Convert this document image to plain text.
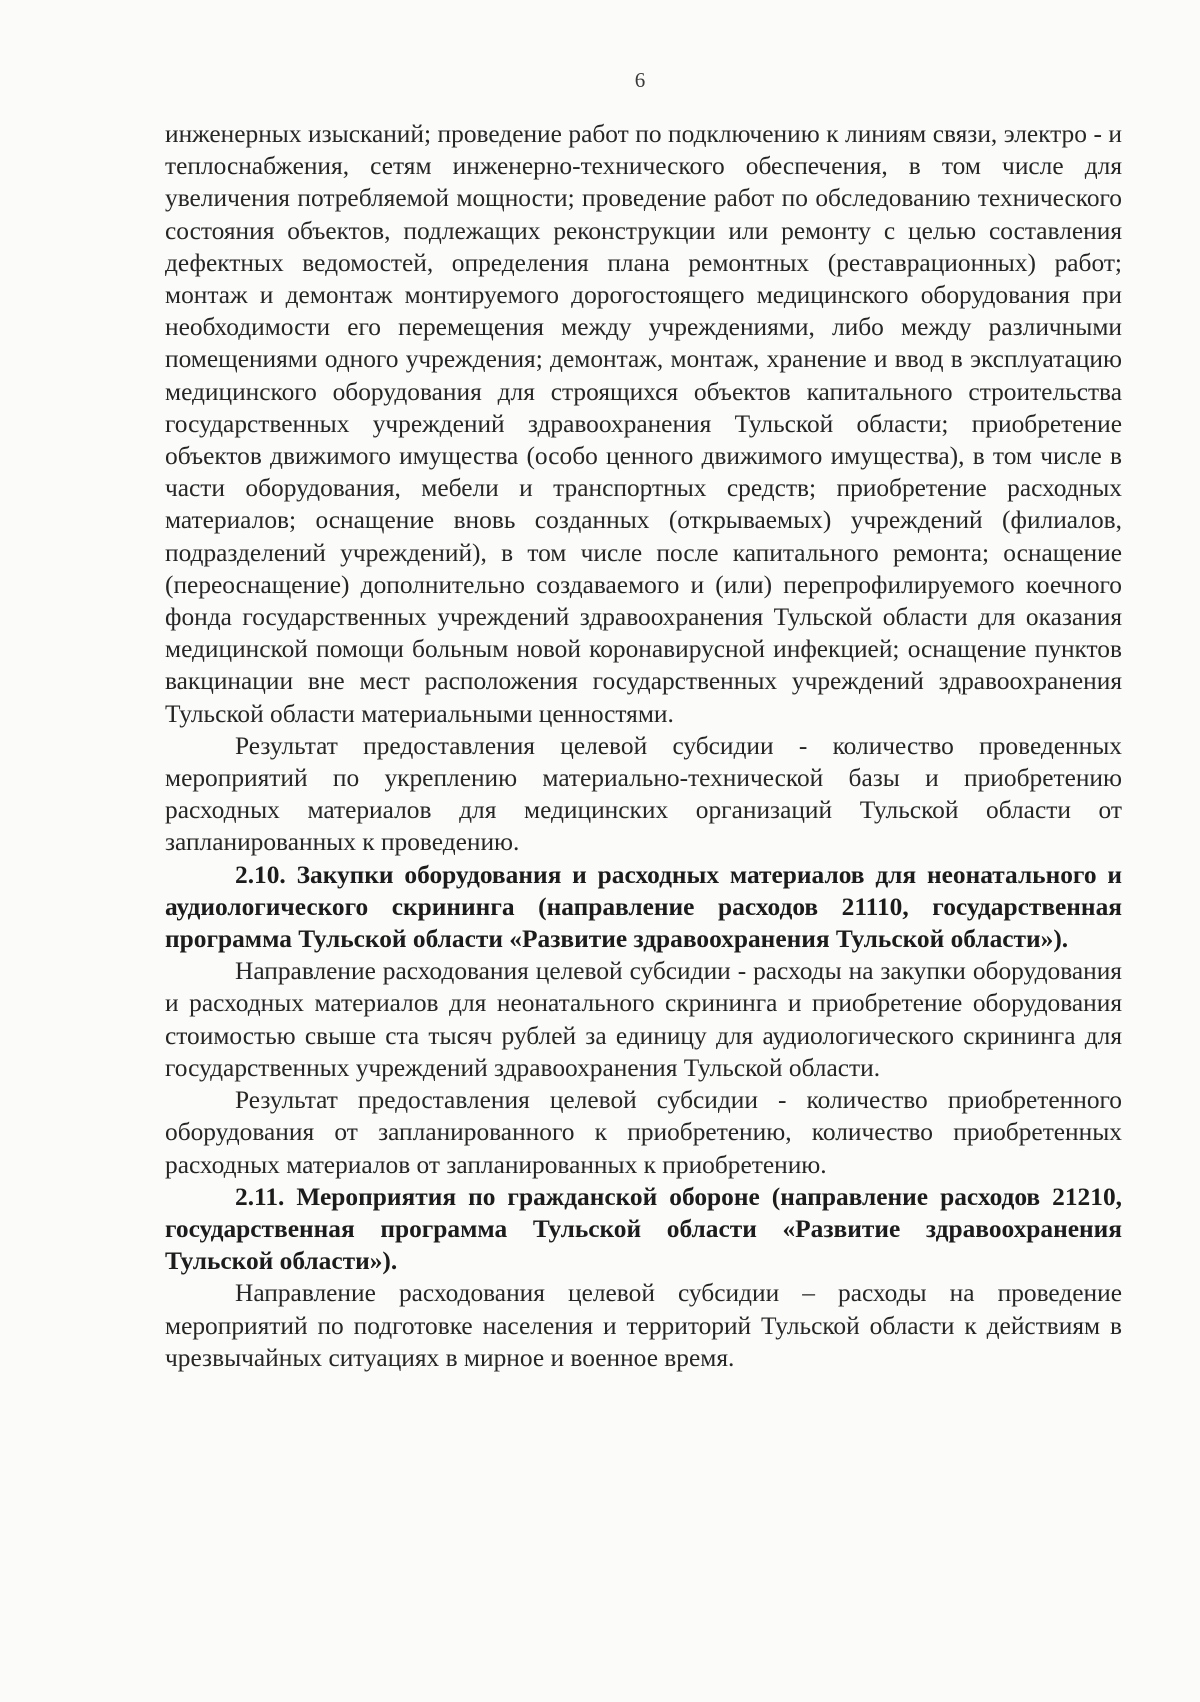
6

инженерных изысканий; проведение работ по подключению к линиям связи, электро - и теплоснабжения, сетям инженерно-технического обеспечения, в том числе для увеличения потребляемой мощности; проведение работ по обследованию технического состояния объектов, подлежащих реконструкции или ремонту с целью составления дефектных ведомостей, определения плана ремонтных (реставрационных) работ; монтаж и демонтаж монтируемого дорогостоящего медицинского оборудования при необходимости его перемещения между учреждениями, либо между различными помещениями одного учреждения; демонтаж, монтаж, хранение и ввод в эксплуатацию медицинского оборудования для строящихся объектов капитального строительства государственных учреждений здравоохранения Тульской области; приобретение объектов движимого имущества (особо ценного движимого имущества), в том числе в части оборудования, мебели и транспортных средств; приобретение расходных материалов; оснащение вновь созданных (открываемых) учреждений (филиалов, подразделений учреждений), в том числе после капитального ремонта; оснащение (переоснащение) дополнительно создаваемого и (или) перепрофилируемого коечного фонда государственных учреждений здравоохранения Тульской области для оказания медицинской помощи больным новой коронавирусной инфекцией; оснащение пунктов вакцинации вне мест расположения государственных учреждений здравоохранения Тульской области материальными ценностями.

Результат предоставления целевой субсидии - количество проведенных мероприятий по укреплению материально-технической базы и приобретению расходных материалов для медицинских организаций Тульской области от запланированных к проведению.

2.10. Закупки оборудования и расходных материалов для неонатального и аудиологического скрининга (направление расходов 21110, государственная программа Тульской области «Развитие здравоохранения Тульской области»).

Направление расходования целевой субсидии - расходы на закупки оборудования и расходных материалов для неонатального скрининга и приобретение оборудования стоимостью свыше ста тысяч рублей за единицу для аудиологического скрининга для государственных учреждений здравоохранения Тульской области.

Результат предоставления целевой субсидии - количество приобретенного оборудования от запланированного к приобретению, количество приобретенных расходных материалов от запланированных к приобретению.

2.11. Мероприятия по гражданской обороне (направление расходов 21210, государственная программа Тульской области «Развитие здравоохранения Тульской области»).

Направление расходования целевой субсидии – расходы на проведение мероприятий по подготовке населения и территорий Тульской области к действиям в чрезвычайных ситуациях в мирное и военное время.
